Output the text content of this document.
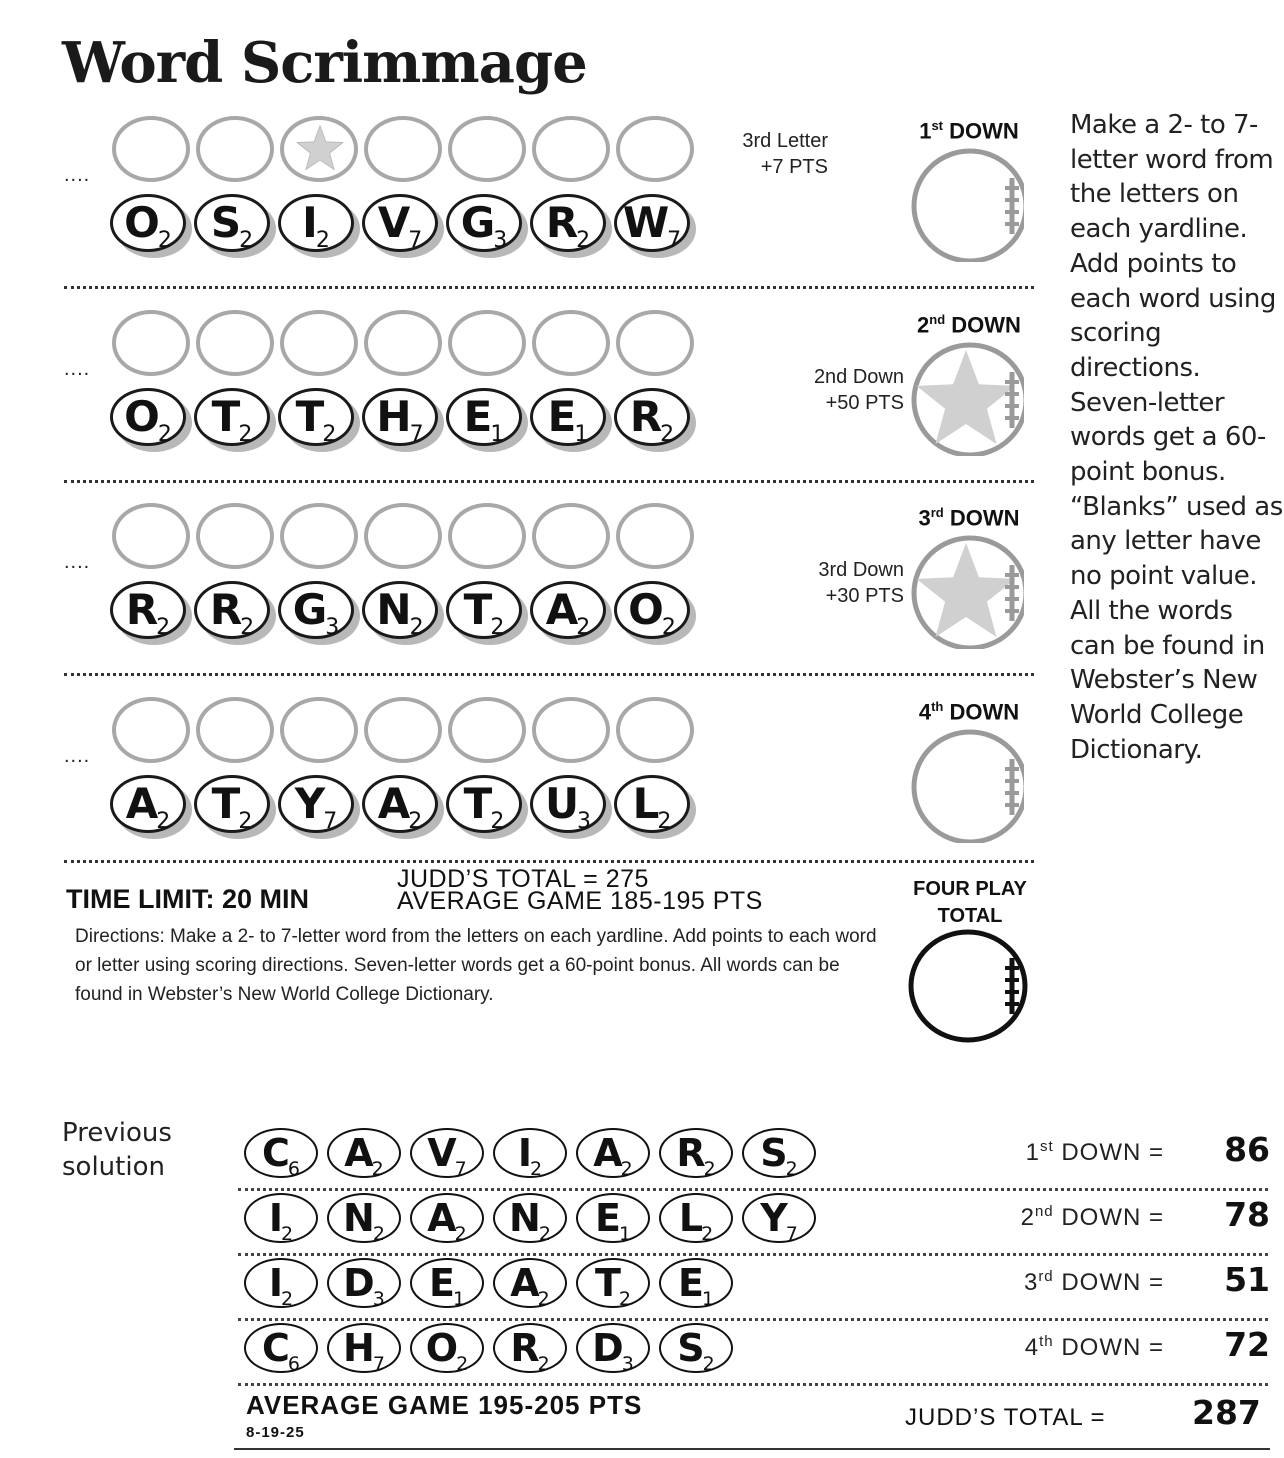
Word Scrimmage
Make a 2- to 7-letter word from the letters on each yardline. Add points to each word using scoring directions. Seven-letter words get a 60-point bonus. “Blanks” used as any letter have no point value. All the words can be found in Webster’s New World College Dictionary.
TIME LIMIT: 20 MIN
JUDD’S TOTAL = 275
AVERAGE GAME 185-195 PTS
Directions: Make a 2- to 7-letter word from the letters on each yardline. Add points to each word or letter using scoring directions. Seven-letter words get a 60-point bonus. All words can be found in Webster’s New World College Dictionary.
FOUR PLAY
TOTAL
Previous
solution
AVERAGE GAME 195-205 PTS
8-19-25
JUDD’S TOTAL =	287
....
$O_2$ $S_2$	$I_2$	$V_7$ $G_3$ $R_2$ $W_7$
3rd Letter
+7 PTS
1st DOWN
....
$O_2$ $T_2$	$T_2$ $H_7$ $E_1$	$E_1$ $R_2$
2nd Down
+50 PTS
2nd DOWN
....
$R_2$ $R_2$ $G_3$ $N_2$ $T_2$ $A_2$ $O_2$
3rd Down
+30 PTS
3rd DOWN
....
$A_2$ $T_2$	$Y_7$ $A_2$ $T_2$ $U_3$ $L_2$
4th DOWN
$C_6$	$A_2$	$V_7$	$I_2$	$A_2$	$R_2$	$S_2$
1st DOWN =	86
$I_2$	$N_2$	$A_2$	$N_2$	$E_1$	$L_2$	$Y_7$
2nd DOWN =	78
$I_2$	$D_3$	$E_1$	$A_2$	$T_2$	$E_1$
3rd DOWN =	51
$C_6$	$H_7$	$O_2$	$R_2$	$D_3$	$S_2$
4th DOWN =	72
